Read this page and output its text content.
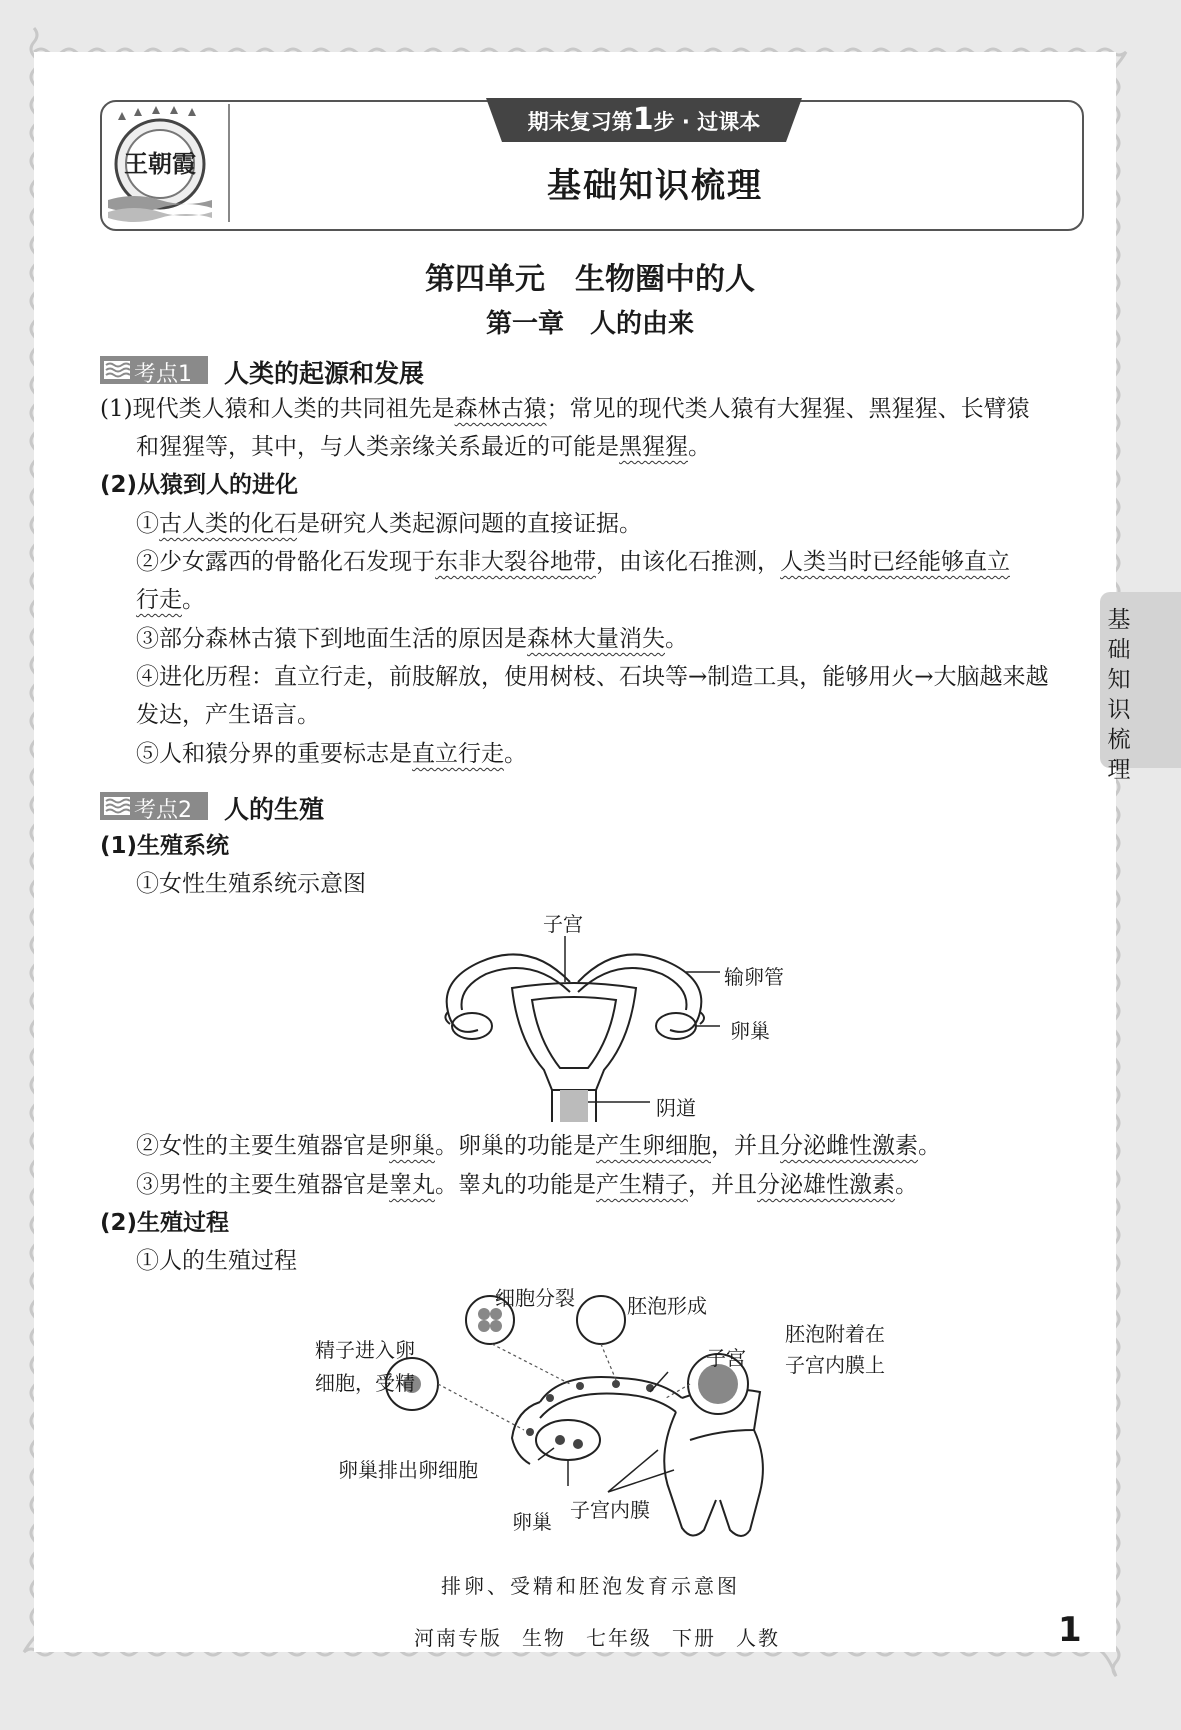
王朝霞
期末复习第1步 · 过课本
基础知识梳理
基础知识梳理
第四单元　生物圈中的人
第一章　人的由来
考点1 人类的起源和发展
(1)现代类人猿和人类的共同祖先是森林古猿；常见的现代类人猿有大猩猩、黑猩猩、长臂猿
和猩猩等，其中，与人类亲缘关系最近的可能是黑猩猩。
(2)从猿到人的进化
①古人类的化石是研究人类起源问题的直接证据。
②少女露西的骨骼化石发现于东非大裂谷地带，由该化石推测，人类当时已经能够直立
行走。
③部分森林古猿下到地面生活的原因是森林大量消失。
④进化历程：直立行走，前肢解放，使用树枝、石块等→制造工具，能够用火→大脑越来越
发达，产生语言。
⑤人和猿分界的重要标志是直立行走。
考点2 人的生殖
(1)生殖系统
①女性生殖系统示意图
子宫
输卵管
卵巢
阴道
②女性的主要生殖器官是卵巢。卵巢的功能是产生卵细胞，并且分泌雌性激素。
③男性的主要生殖器官是睾丸。睾丸的功能是产生精子，并且分泌雄性激素。
(2)生殖过程
①人的生殖过程
细胞分裂	胚泡形成
精子进入卵
细胞，受精
子宫
胚泡附着在
子宫内膜上
卵巢排出卵细胞
卵巢 子宫内膜
排卵、受精和胚泡发育示意图
河南专版 生物 七年级 下册 人教	1
